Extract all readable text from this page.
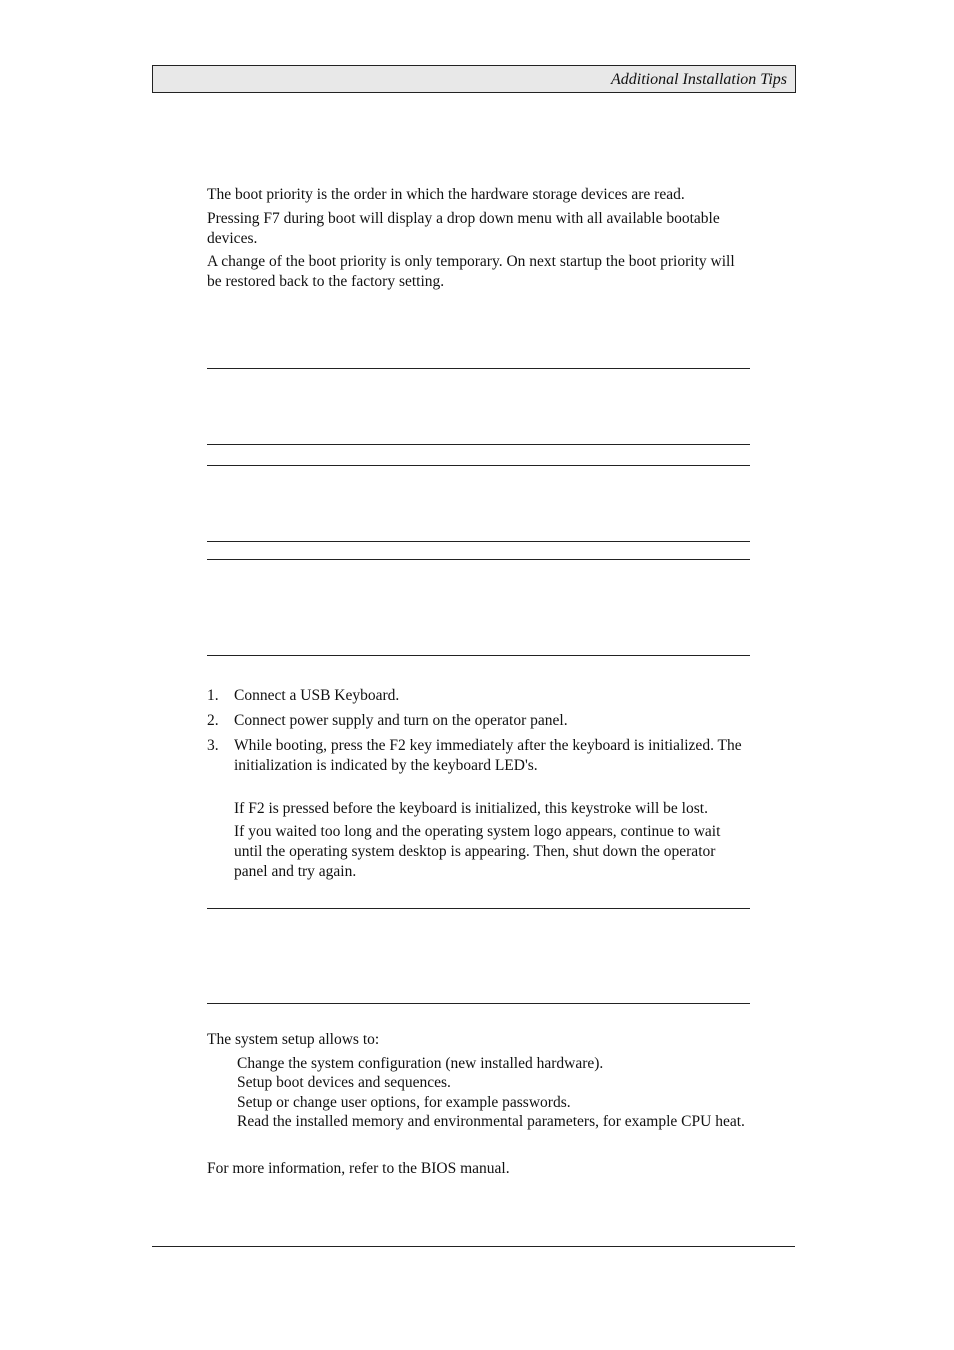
Additional Installation Tips

The boot priority is the order in which the hardware storage devices are read.

Pressing F7 during boot will display a drop down menu with all available bootable devices.

A change of the boot priority is only temporary. On next startup the boot priority will be restored back to the factory setting.

1. Connect a USB Keyboard.
2. Connect power supply and turn on the operator panel.
3. While booting, press the F2 key immediately after the keyboard is initialized. The initialization is indicated by the keyboard LED's.
If F2 is pressed before the keyboard is initialized, this keystroke will be lost.
If you waited too long and the operating system logo appears, continue to wait until the operating system desktop is appearing. Then, shut down the operator panel and try again.

The system setup allows to:

Change the system configuration (new installed hardware).
Setup boot devices and sequences.
Setup or change user options, for example passwords.
Read the installed memory and environmental parameters, for example CPU heat.

For more information, refer to the BIOS manual.
